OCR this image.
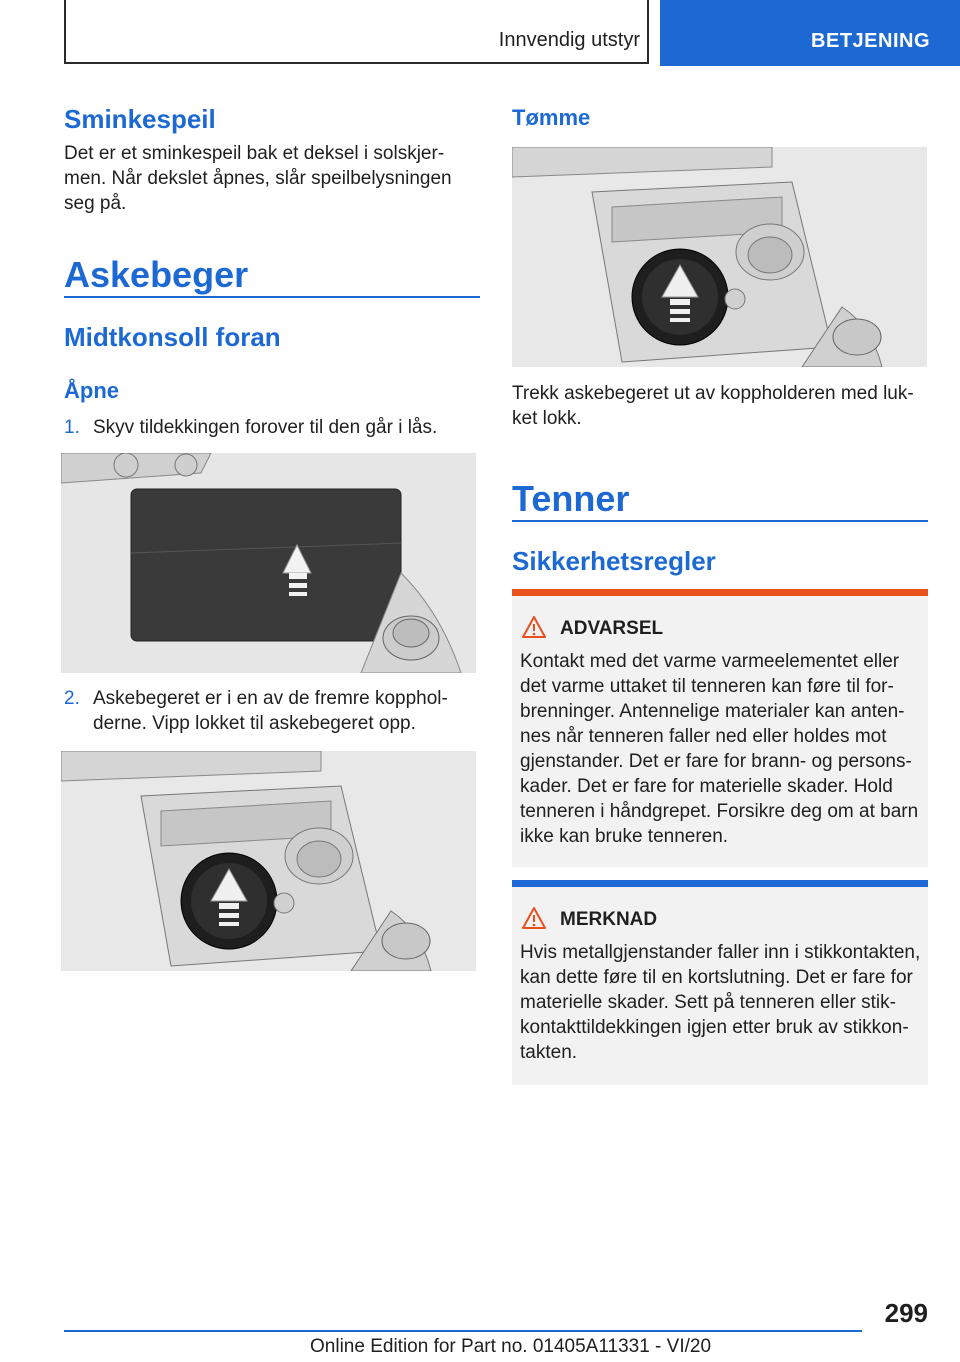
Innvendig utstyr	BETJENING
Sminkespeil

Det er et sminkespeil bak et deksel i solskjer-

men. Når dekslet åpnes, slår speilbelysningen

seg på.

Askebeger
Midtkonsoll foran
Åpne
1. Skyv tildekkingen forover til den går i lås.

2. Askebegeret er i en av de fremre kopphol-

derne. Vipp lokket til askebegeret opp.

Tømme

Trekk askebegeret ut av koppholderen med luk-

ket lokk.

Tenner
Sikkerhetsregler
ADVARSEL

Kontakt med det varme varmeelementet eller

det varme uttaket til tenneren kan føre til for-

brenninger. Antennelige materialer kan anten-

nes når tenneren faller ned eller holdes mot

gjenstander. Det er fare for brann- og persons-

kader. Det er fare for materielle skader. Hold

tenneren i håndgrepet. Forsikre deg om at barn

ikke kan bruke tenneren.

MERKNAD

Hvis metallgjenstander faller inn i stikkontakten,

kan dette føre til en kortslutning. Det er fare for

materielle skader. Sett på tenneren eller stik-

kontakttildekkingen igjen etter bruk av stikkon-

takten.

299
Online Edition for Part no. 01405A11331 - VI/20
